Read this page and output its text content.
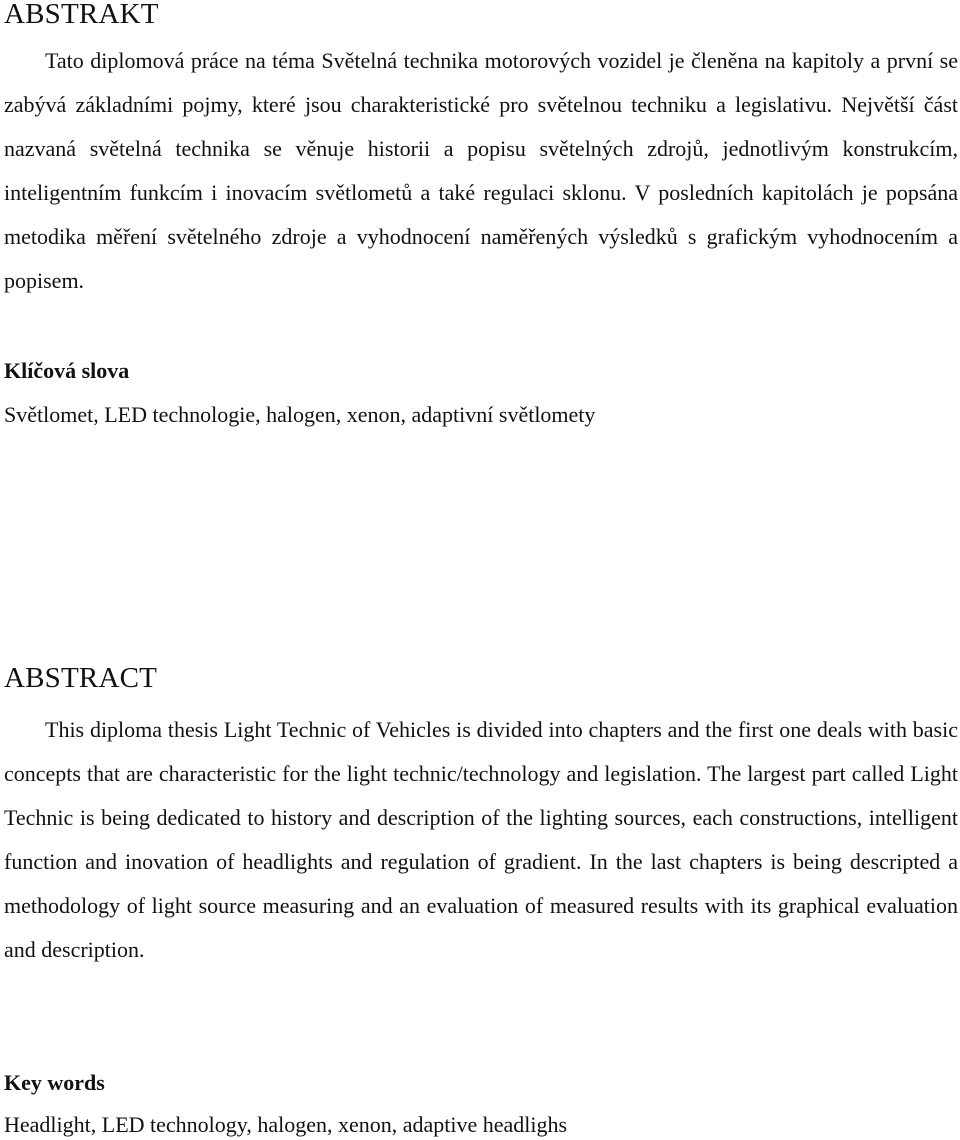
ABSTRAKT

Tato diplomová práce na téma Světelná technika motorových vozidel je členěna na kapitoly a první se zabývá základními pojmy, které jsou charakteristické pro světelnou techniku a legislativu. Největší část nazvaná světelná technika se věnuje historii a popisu světelných zdrojů, jednotlivým konstrukcím, inteligentním funkcím i inovacím světlometů a také regulaci sklonu. V posledních kapitolách je popsána metodika měření světelného zdroje a vyhodnocení naměřených výsledků s grafickým vyhodnocením a popisem.

Klíčová slova

Světlomet, LED technologie, halogen, xenon, adaptivní světlomety

ABSTRACT

This diploma thesis Light Technic of Vehicles is divided into chapters and the first one deals with basic concepts that are characteristic for the light technic/technology and legislation. The largest part called Light Technic is being dedicated to history and description of the lighting sources, each constructions, intelligent function and inovation of headlights and regulation of gradient. In the last chapters is being descripted a methodology of light source measuring and an evaluation of measured results with its graphical evaluation and description.

Key words

Headlight, LED technology, halogen, xenon, adaptive headlighs
